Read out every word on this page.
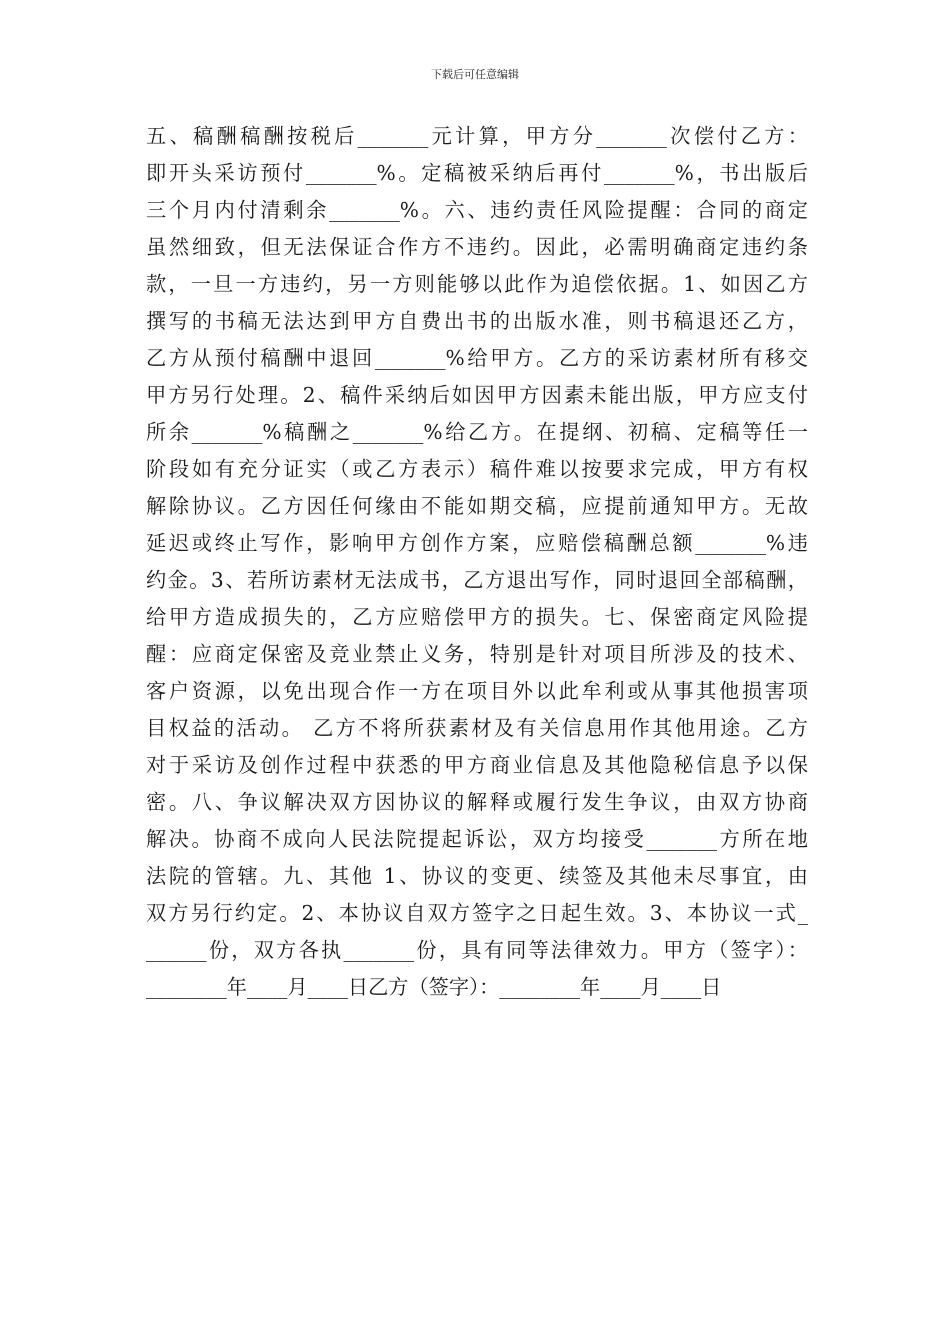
下载后可任意编辑
五、稿酬稿酬按税后_______元计算，甲方分_______次偿付乙方：
即开头采访预付_______%。定稿被采纳后再付_______%，书出版后
三个月内付清剩余_______%。六、违约责任风险提醒：合同的商定
虽然细致，但无法保证合作方不违约。因此，必需明确商定违约条
款，一旦一方违约，另一方则能够以此作为追偿依据。1、如因乙方
撰写的书稿无法达到甲方自费出书的出版水准，则书稿退还乙方，
乙方从预付稿酬中退回_______%给甲方。乙方的采访素材所有移交
甲方另行处理。2、稿件采纳后如因甲方因素未能出版，甲方应支付
所余_______%稿酬之_______%给乙方。在提纲、初稿、定稿等任一
阶段如有充分证实（或乙方表示）稿件难以按要求完成，甲方有权
解除协议。乙方因任何缘由不能如期交稿，应提前通知甲方。无故
延迟或终止写作，影响甲方创作方案，应赔偿稿酬总额_______%违
约金。3、若所访素材无法成书，乙方退出写作，同时退回全部稿酬，
给甲方造成损失的，乙方应赔偿甲方的损失。七、保密商定风险提
醒：应商定保密及竞业禁止义务，特别是针对项目所涉及的技术、
客户资源，以免出现合作一方在项目外以此牟利或从事其他损害项
目权益的活动。 乙方不将所获素材及有关信息用作其他用途。乙方
对于采访及创作过程中获悉的甲方商业信息及其他隐秘信息予以保
密。八、争议解决双方因协议的解释或履行发生争议，由双方协商
解决。协商不成向人民法院提起诉讼，双方均接受_______方所在地
法院的管辖。九、其他 1、协议的变更、续签及其他未尽事宜，由
双方另行约定。2、本协议自双方签字之日起生效。3、本协议一式_
______份，双方各执_______份，具有同等法律效力。甲方（签字）：
________年____月____日乙方（签字）：________年____月____日
